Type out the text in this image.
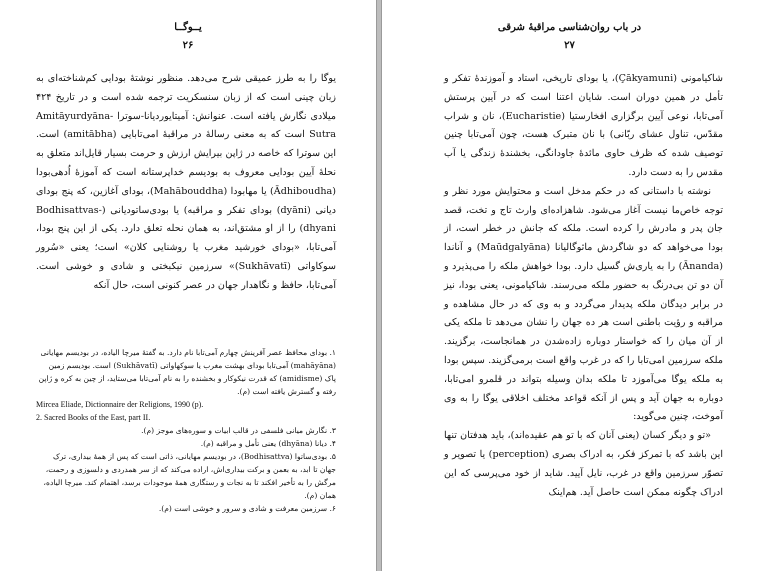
يــوگــا
۲۶

یوگا را به طرز عمیقی شرح می‌دهد. منظور نوشتهٔ بودایی کم‌شناخته‌ای به زبان چینی است که از زبان سنسکریت ترجمه شده است و در تاریخ ۴۲۴ میلادی نگارش یافته است. عنوانش: آمیتایوردیانا-سوترا Amitāyurdyāna-Sutra است که به معنی رسالهٔ در مراقبهٔ امی‌تابایی (amitābha) است. این سوترا که خاصه در ژاپن بیرایش ارزش و حرمت بسیار قایل‌اند متعلق به نحلهٔ آیین بودایی معروف به بودیسم خداپرستانه است که آموزهٔ اُدهی‌بودا (Ādhiboudha) یا مهابودا (Mahābouddha)، بودای آغازین، که پنج بودای دیانی (dyāni) بودای تفکر و مراقبه) یا بودی‌ساتودیانی (Bodhisattvas-dhyani) را از او مشتق‌اند، به همان نحله تعلق دارد. یکی از این پنج بودا، آمی‌تابا، «بودای خورشید مغرب یا روشنایی کلان» است؛ یعنی «سُرور سوکاواتی (Sukhāvatī)» سرزمین نیکبختی و شادی و خوشی است. آمی‌تابا، حافظ و نگاهدار جهان در عصر کنونی است، حال آنکه

۱. بودای محافظ عصر آفرینش چهارم آمی‌تابا نام دارد. به گفتهٔ میرچا الیاده، در بودیسم مهایانی (mahāyāna) آمی‌تابا بودای بهشت مغرب یا سوکهاواتی (Sukhāvatī) است. بودیسم زمین پاک (amidisme) که قدرت نیکوکار و بخشنده را به نام آمی‌تابا می‌ستاید، از چین به کره و ژاپن رفته و گسترش یافته است (م).

Mircea Eliade, Dictionnaire der Religions, 1990 (p).

2. Sacred Books of the East, part II.

۳. نگارش میانی فلسفی در قالب ابیات و سوره‌های موجز (م).

۴. دیانا (dhyāna) یعنی تأمل و مراقبه (م).

۵. بودی‌ساتوا (Bodhisattva)، در بودیسم مهایانی، ذاتی است که پس از همهٔ بیداری، ترک جهان تا ابد، به بعمن و برکت بیداری‌اش، اراده می‌کند که از سر همدردی و دلسوزی و رحمت، مرگش را به تأخیر افکند تا به نجات و رستگاری همهٔ موجودات برسد، اهتمام کند. میرچا الیاده، همان (م).

۶. سرزمین معرفت و شادی و سرور و خوشی است (م).

در باب روان‌شناسی مراقبهٔ شرقی
۲۷

شاکیامونی (Çākyamuni)، یا بودای تاریخی، استاد و آموزندهٔ تفکر و تأمل در همین دوران است. شایان اعتنا است که در آیین پرستش آمی‌تابا، نوعی آیین برگزاری افخارستیا (Eucharistie)، نان و شراب مقدّس، تناول عشای ربّانی) با نان متبرک هست، چون آمی‌تابا چنین توصیف شده که ظرف حاوی مائدهٔ جاودانگی، بخشندهٔ زندگی یا آب مقدس را به دست دارد.

نوشته با داستانی که در حکم مدخل است و محتوایش مورد نظر و توجه خاص‌ما نیست آغاز می‌شود. شاهزاده‌ای وارث تاج و تخت، قصد جان پدر و مادرش را کرده است. ملکه که جانش در خطر است، از بودا می‌خواهد که دو شاگردش ماثوگالیانا (Maūdgalyāna) و آناندا (Ānanda) را به یاری‌ش گسیل دارد. بودا خواهش ملکه را می‌پذیرد و آن دو تن بی‌درنگ به حضور ملکه می‌رسند. شاکیامونی، یعنی بودا، نیز در برابر دیدگان ملکه پدیدار می‌گردد و به وی که در حال مشاهده و مراقبه و رؤیت باطنی است هر ده جهان را نشان می‌دهد تا ملکه یکی از آن میان را که خواستار دوباره زاده‌شدن در همانجاست، برگزیند. ملکه سرزمین امی‌تابا را که در غرب واقع است برمی‌گزیند. سپس بودا به ملکه یوگا می‌آموزد تا ملکه بدان وسیله بتواند در قلمرو امی‌تابا، دوباره به جهان آید و پس از آنکه قواعد مختلف اخلاقی یوگا را به وی آموخت، چنین می‌گوید:

«تو و دیگر کسان (یعنی آنان که با تو هم عقیده‌اند)، باید هدفتان تنها این باشد که با تمرکز فکر، به ادراک بصری (perception) یا تصویر و تصوّر سرزمین واقع در غرب، نایل آیید. شاید از خود می‌پرسی که این ادراک چگونه ممکن است حاصل آید. هم‌اینک
